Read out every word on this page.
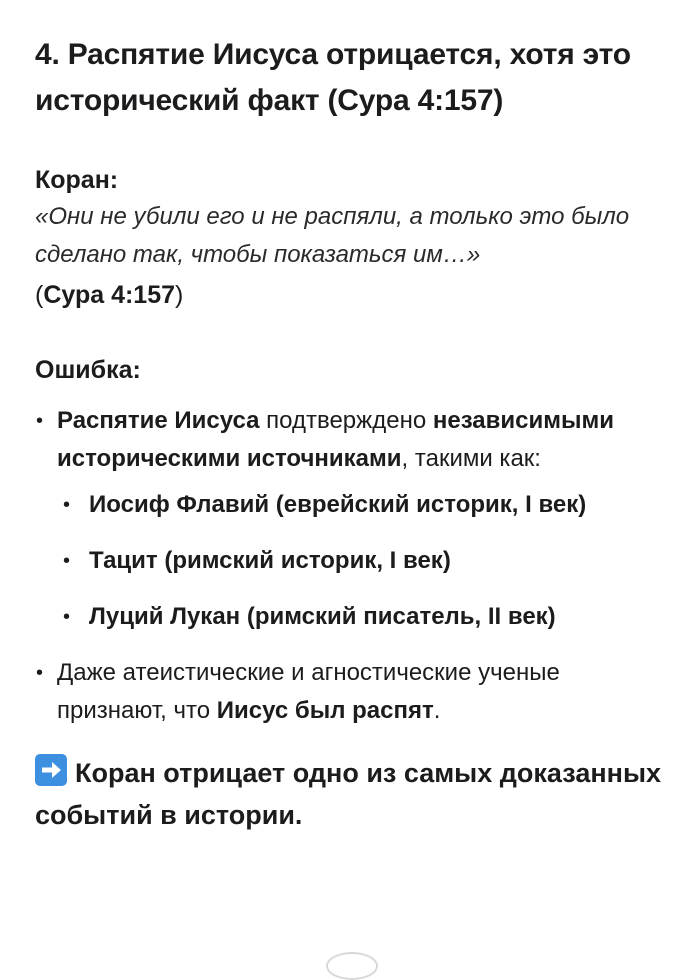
4. Распятие Иисуса отрицается, хотя это исторический факт (Сура 4:157)
Коран:
«Они не убили его и не распяли, а только это было сделано так, чтобы показаться им…»
(Сура 4:157)
Ошибка:
• Распятие Иисуса подтверждено независимыми историческими источниками, такими как:
• Иосиф Флавий (еврейский историк, I век)
• Тацит (римский историк, I век)
• Луций Лукан (римский писатель, II век)
• Даже атеистические и агностические ученые признают, что Иисус был распят.
Коран отрицает одно из самых доказанных событий в истории.
